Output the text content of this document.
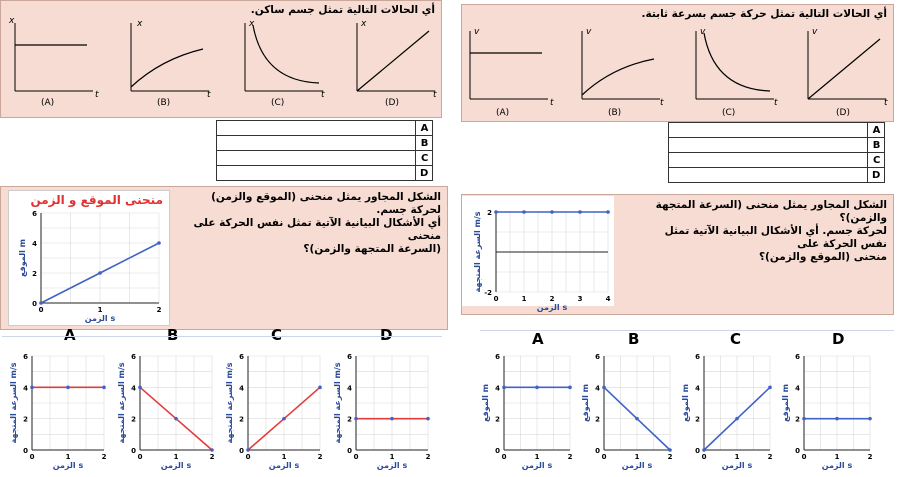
أي الحالات التالية تمثل جسم ساكن.
x
t
(A)
x
t
(B)
x
t
(C)
x
t
(D)
	A
	B
	C
	D
أي الحالات التالية تمثل حركة جسم بسرعة ثابتة.
v
t
(A)
v
t
(B)
v
t
(C)
v
t
(D)
	A
	B
	C
	D
الشكل المجاور يمثل منحنى (الموقع والزمن) لحركة جسم.
أي الأشكال البيانية الآتية تمثل نفس الحركة على منحنى
(السرعة المتجهة والزمن)؟
منحنى الموقع و الزمن
0	1	2
0
2
4
6
الزمن s
الموقع m
الشكل المجاور يمثل منحنى (السرعة المتجهة والزمن)؟
لحركة جسم. أي الأشكال البيانية الآتية تمثل نفس الحركة على
منحنى (الموقع والزمن)؟
0	1	2	3	4
-2
2
الزمن s
السرعة المتجهة m/s
A	B	C	D	A	B	C	D
0	1	2
0
2
4
6
الزمن s
السرعة المتجهة m/s
0	1	2
0
2
4
6
الزمن s
السرعة المتجهة m/s
0	1	2
0
2
4
6
الزمن s
السرعة المتجهة m/s
0	1	2
0
2
4
6
الزمن s
السرعة المتجهة m/s
0	1	2
0
2
4
6
الزمن s
الموقع m
0	1	2
0
2
4
6
الزمن s
الموقع m
0	1	2
0
2
4
6
الزمن s
الموقع m
0	1	2
0
2
4
6
الزمن s
الموقع m
